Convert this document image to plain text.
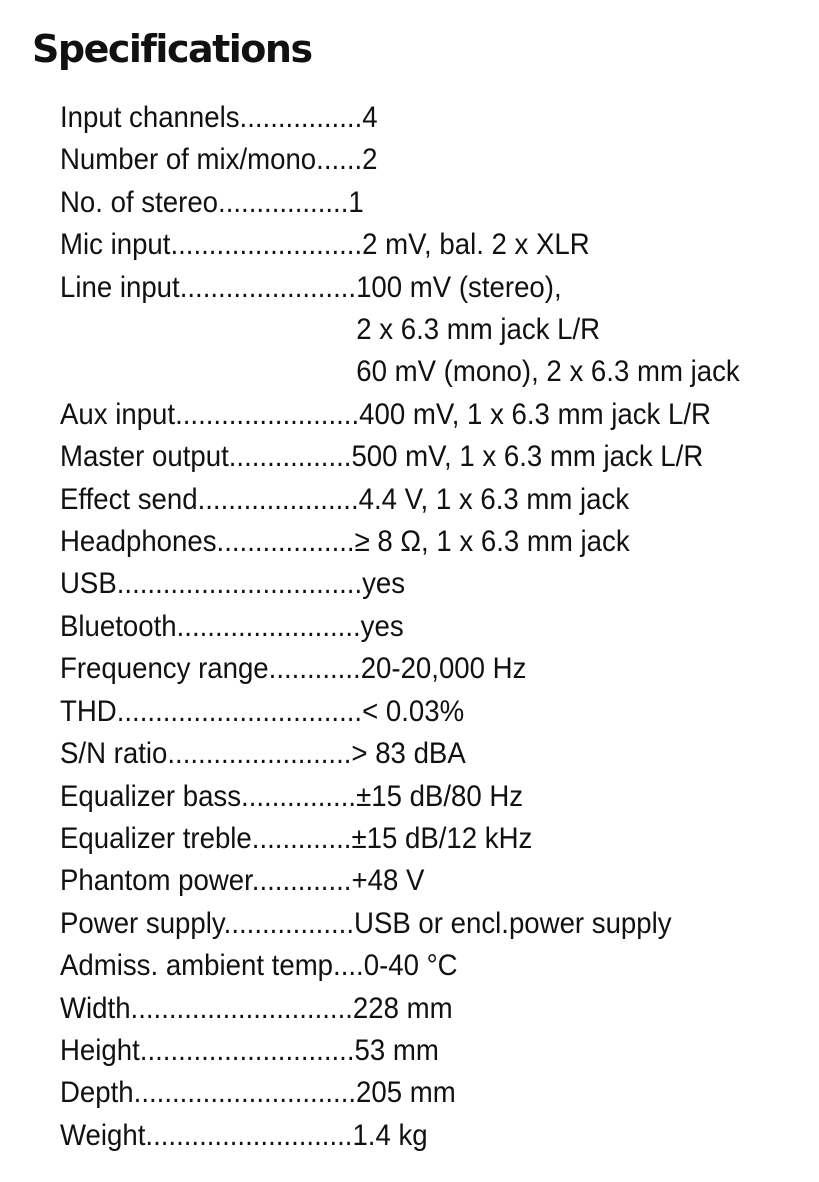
Specifications
Input channels................4
Number of mix/mono......2
No. of stereo.................1
Mic input.........................2 mV, bal. 2 x XLR
Line input.......................100 mV (stereo),
2 x 6.3 mm jack L/R
60 mV (mono), 2 x 6.3 mm jack
Aux input........................400 mV, 1 x 6.3 mm jack L/R
Master output................500 mV, 1 x 6.3 mm jack L/R
Effect send.....................4.4 V, 1 x 6.3 mm jack
Headphones..................≥ 8 Ω, 1 x 6.3 mm jack
USB................................yes
Bluetooth........................yes
Frequency range............20-20,000 Hz
THD................................< 0.03%
S/N ratio........................> 83 dBA
Equalizer bass...............±15 dB/80 Hz
Equalizer treble.............±15 dB/12 kHz
Phantom power.............+48 V
Power supply.................USB or encl.power supply
Admiss. ambient temp....0-40 °C
Width.............................228 mm
Height............................53 mm
Depth.............................205 mm
Weight...........................1.4 kg
